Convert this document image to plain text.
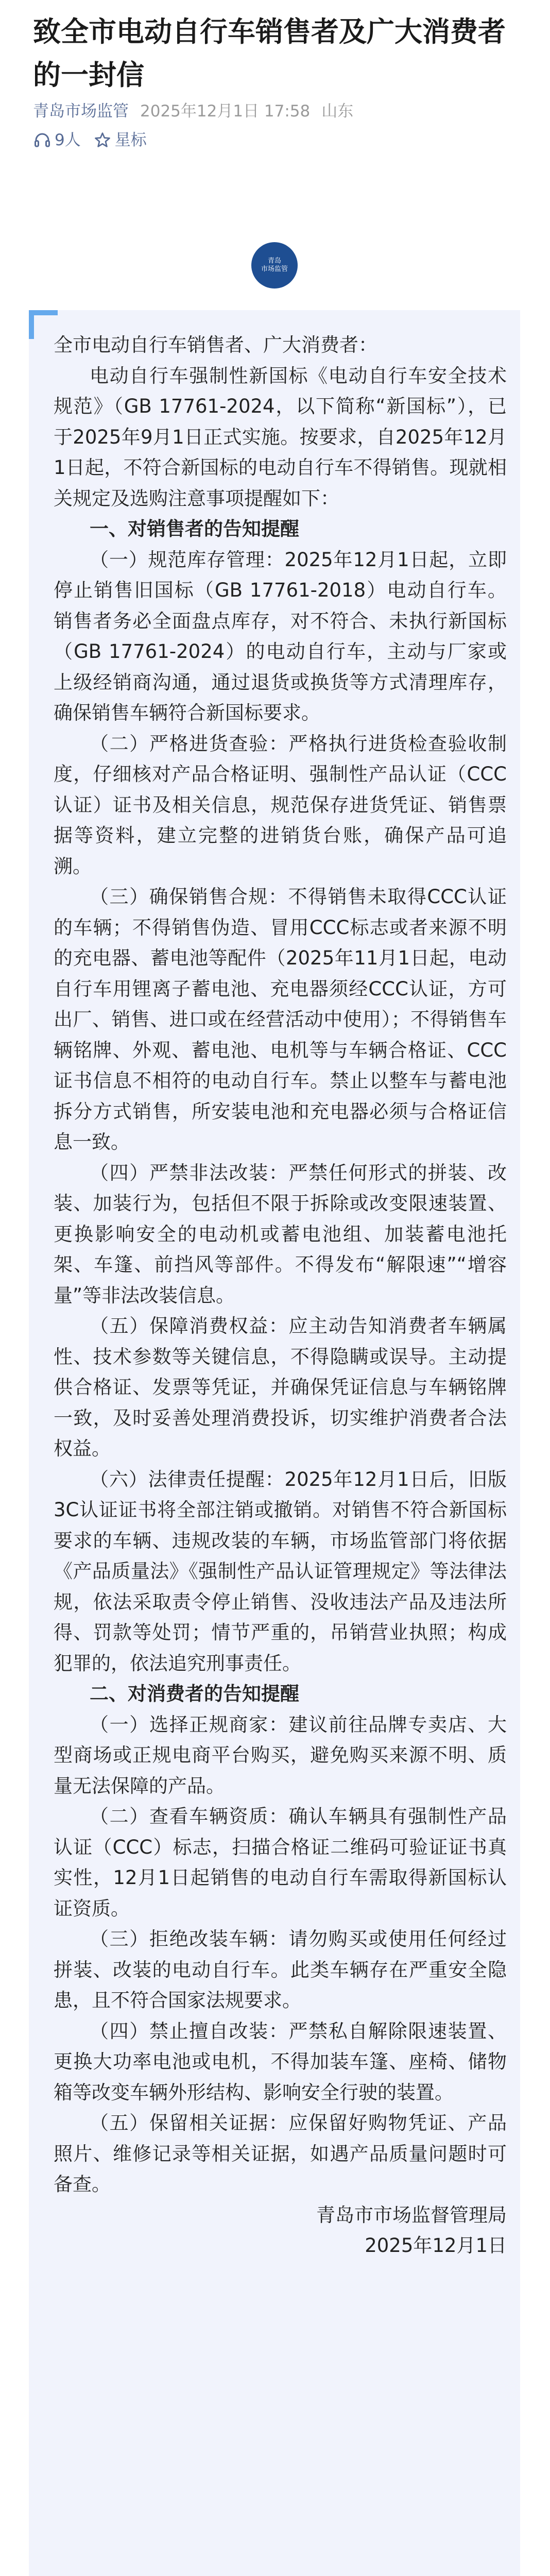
致全市电动自行车销售者及广大消费者的一封信
青岛市场监管 2025年12月1日 17:58 山东
9人 星标
青岛
市场监管

全市电动自行车销售者、广大消费者：

电动自行车强制性新国标《电动自行车安全技术规范》（GB 17761-2024，以下简称“新国标”），已于2025年9月1日正式实施。按要求，自2025年12月1日起，不符合新国标的电动自行车不得销售。现就相关规定及选购注意事项提醒如下：

一、对销售者的告知提醒

（一）规范库存管理：2025年12月1日起，立即停止销售旧国标（GB 17761-2018）电动自行车。销售者务必全面盘点库存，对不符合、未执行新国标（GB 17761-2024）的电动自行车，主动与厂家或上级经销商沟通，通过退货或换货等方式清理库存，确保销售车辆符合新国标要求。

（二）严格进货查验：严格执行进货检查验收制度，仔细核对产品合格证明、强制性产品认证（CCC认证）证书及相关信息，规范保存进货凭证、销售票据等资料，建立完整的进销货台账，确保产品可追溯。

（三）确保销售合规：不得销售未取得CCC认证的车辆；不得销售伪造、冒用CCC标志或者来源不明的充电器、蓄电池等配件（2025年11月1日起，电动自行车用锂离子蓄电池、充电器须经CCC认证，方可出厂、销售、进口或在经营活动中使用）；不得销售车辆铭牌、外观、蓄电池、电机等与车辆合格证、CCC证书信息不相符的电动自行车。禁止以整车与蓄电池拆分方式销售，所安装电池和充电器必须与合格证信息一致。

（四）严禁非法改装：严禁任何形式的拼装、改装、加装行为，包括但不限于拆除或改变限速装置、更换影响安全的电动机或蓄电池组、加装蓄电池托架、车篷、前挡风等部件。不得发布“解限速”“增容量”等非法改装信息。

（五）保障消费权益：应主动告知消费者车辆属性、技术参数等关键信息，不得隐瞒或误导。主动提供合格证、发票等凭证，并确保凭证信息与车辆铭牌一致，及时妥善处理消费投诉，切实维护消费者合法权益。

（六）法律责任提醒：2025年12月1日后，旧版3C认证证书将全部注销或撤销。对销售不符合新国标要求的车辆、违规改装的车辆，市场监管部门将依据《产品质量法》《强制性产品认证管理规定》等法律法规，依法采取责令停止销售、没收违法产品及违法所得、罚款等处罚；情节严重的，吊销营业执照；构成犯罪的，依法追究刑事责任。

二、对消费者的告知提醒

（一）选择正规商家：建议前往品牌专卖店、大型商场或正规电商平台购买，避免购买来源不明、质量无法保障的产品。

（二）查看车辆资质：确认车辆具有强制性产品认证（CCC）标志，扫描合格证二维码可验证证书真实性，12月1日起销售的电动自行车需取得新国标认证资质。

（三）拒绝改装车辆：请勿购买或使用任何经过拼装、改装的电动自行车。此类车辆存在严重安全隐患，且不符合国家法规要求。

（四）禁止擅自改装：严禁私自解除限速装置、更换大功率电池或电机，不得加装车篷、座椅、储物箱等改变车辆外形结构、影响安全行驶的装置。

（五）保留相关证据：应保留好购物凭证、产品照片、维修记录等相关证据，如遇产品质量问题时可备查。

青岛市市场监督管理局

2025年12月1日
